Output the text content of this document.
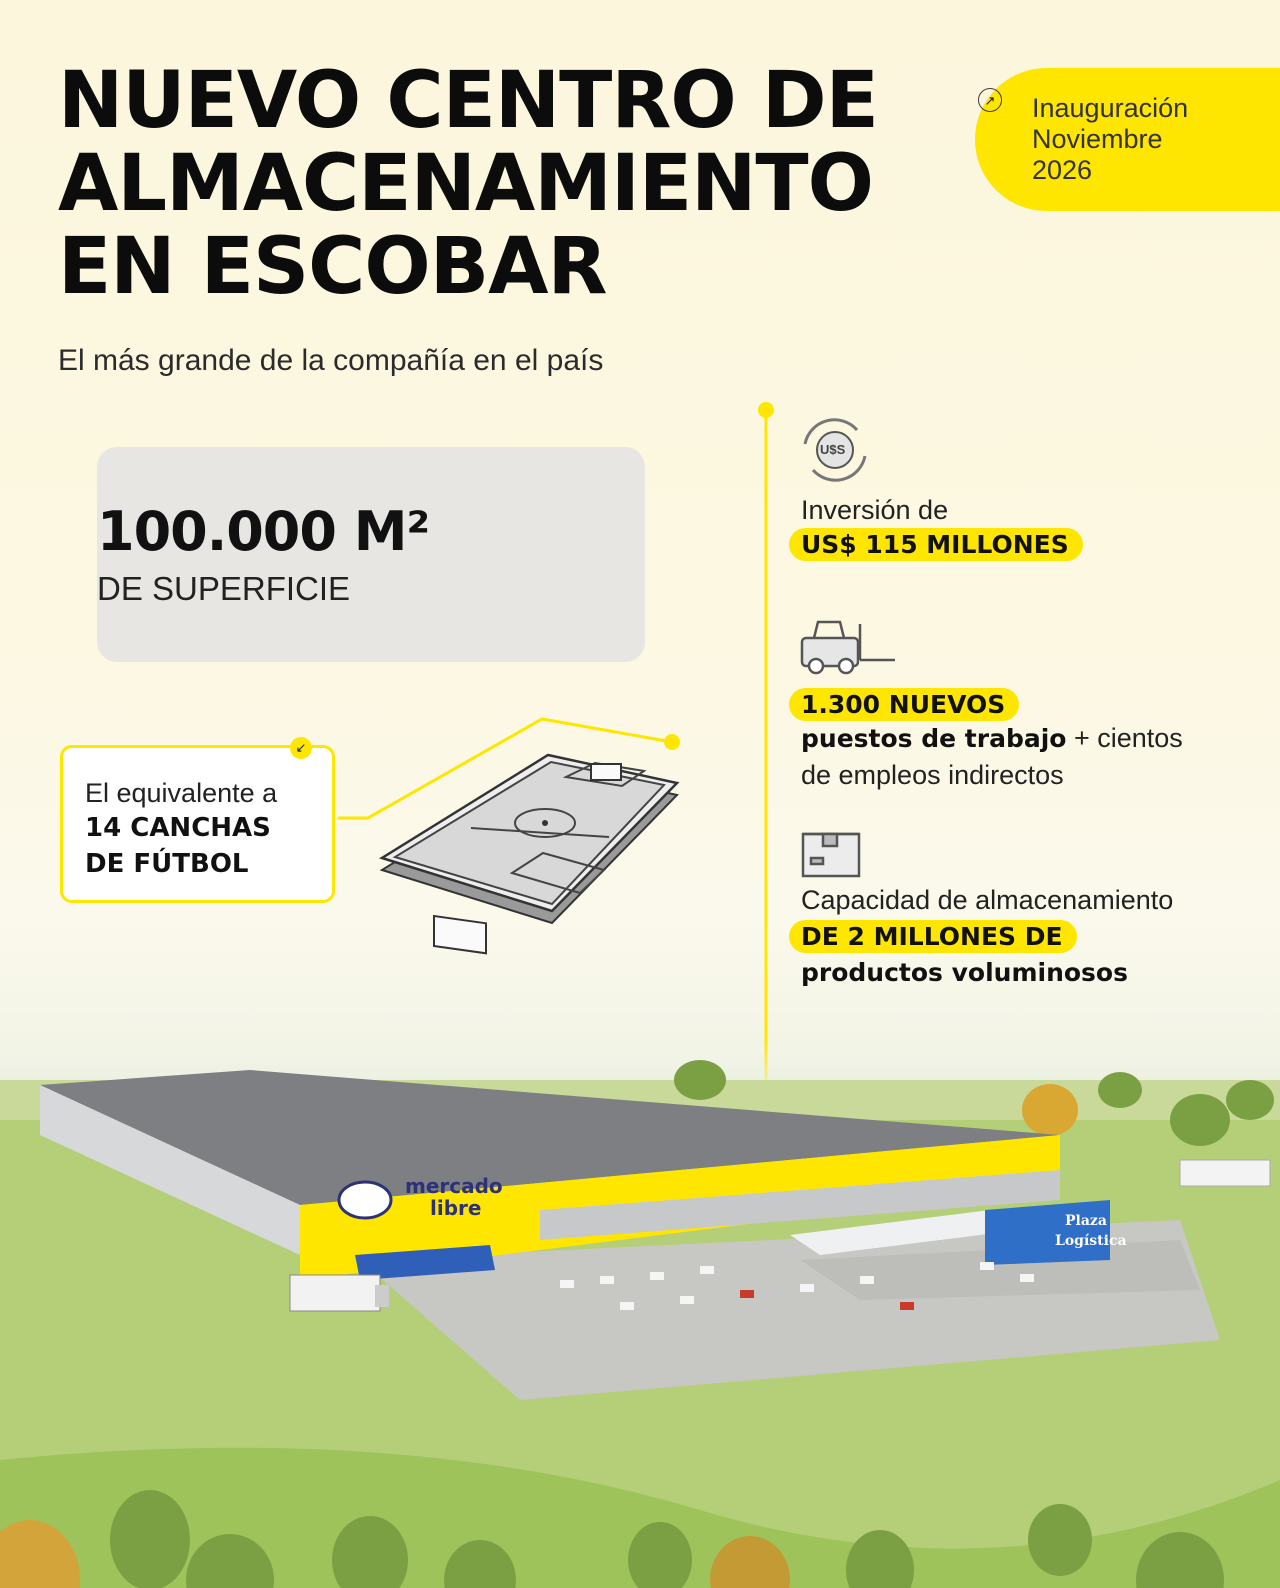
NUEVO CENTRO DE
ALMACENAMIENTO
EN ESCOBAR
El más grande de la compañía en el país
↗ Inauguración
Noviembre
2026
100.000 M²
DE SUPERFICIE
U$S
El equivalente a
14 CANCHAS
DE FÚTBOL
↙
Inversión de
US$ 115 MILLONES
1.300 NUEVOS
puestos de trabajo + cientos
de empleos indirectos
Capacidad de almacenamiento
DE 2 MILLONES DE
productos voluminosos
mercado
libre
Plaza
Logística
